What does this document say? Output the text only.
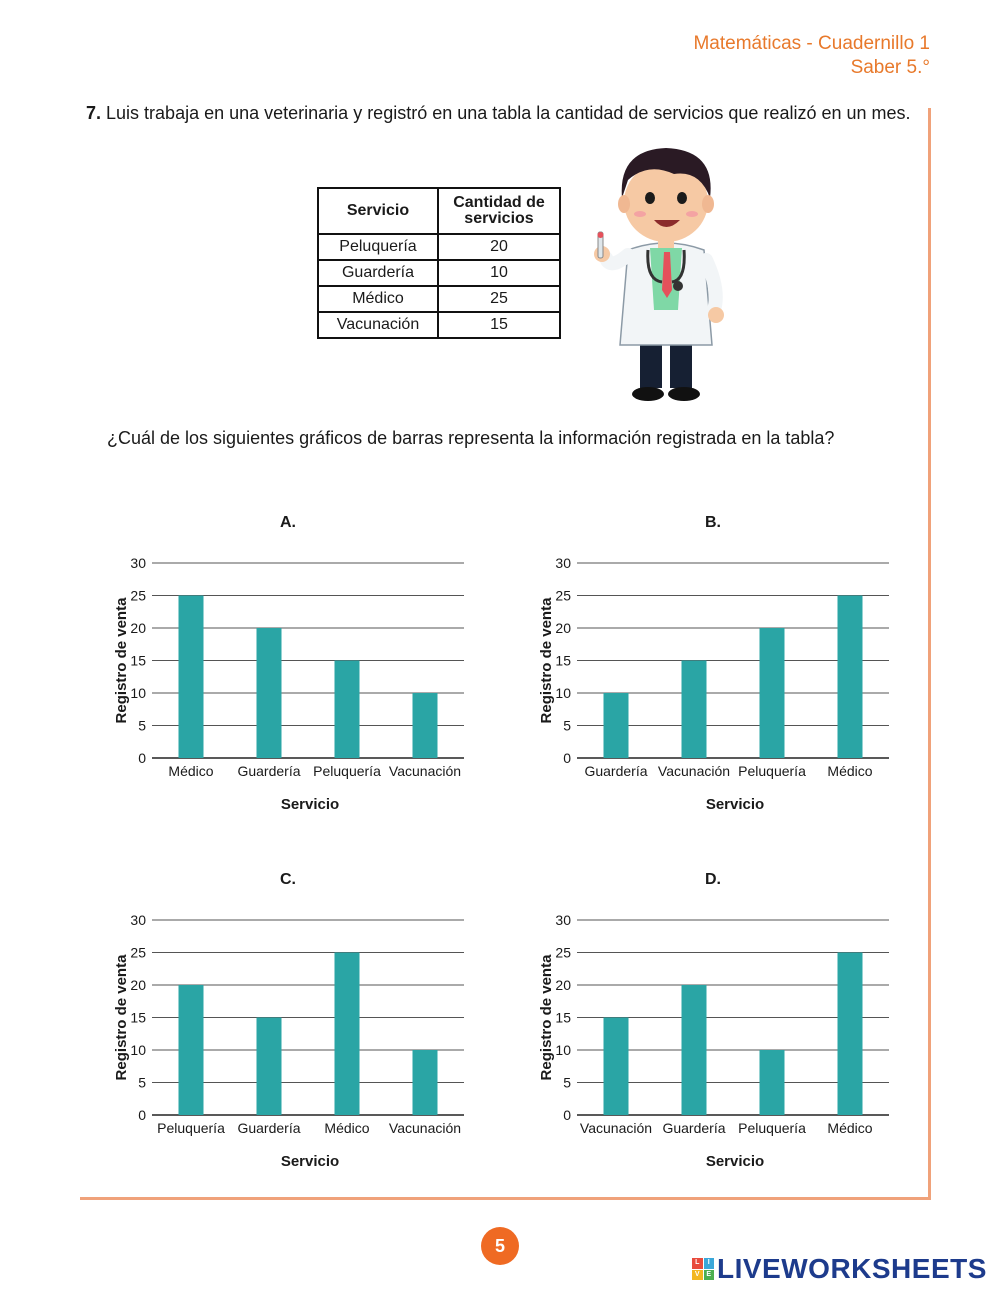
Matemáticas - Cuadernillo 1
Saber 5.°
7. Luis trabaja en una veterinaria y registró en una tabla la cantidad de servicios que realizó en un mes.
Servicio	Cantidad de servicios
Peluquería	20
Guardería	10
Médico	25
Vacunación	15
¿Cuál de los siguientes gráficos de barras representa la información registrada en la tabla?
A.
0
5
10
15
20
25
30
Médico Guardería Peluquería Vacunación
Servicio
Registro de venta
B.
0
5
10
15
20
25
30
Guardería Vacunación Peluquería Médico
Servicio
Registro de venta
C.
0
5
10
15
20
25
30
Peluquería Guardería Médico Vacunación
Servicio
Registro de venta
D.
0
5
10
15
20
25
30
Vacunación Guardería Peluquería Médico
Servicio
Registro de venta
5
L	I
V E LIVEWORKSHEETS
